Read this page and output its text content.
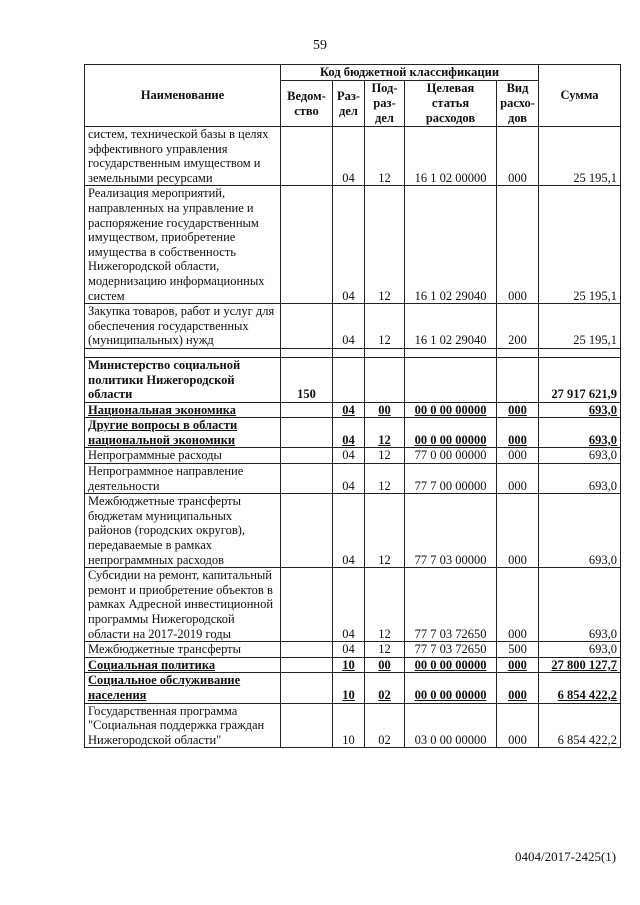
59
Наименование	Код бюджетной классификации					Сумма
	Ведом-ство	Раз-дел	Под-раз-дел	Целевая статья расходов	Вид расхо-дов	
систем, технической базы в целях эффективного управления государственным имуществом и земельными ресурсами		04	12	16 1 02 00000	000	25 195,1
Реализация мероприятий, направленных на управление и распоряжение государственным имуществом, приобретение имущества в собственность Нижегородской области, модернизацию информационных систем		04	12	16 1 02 29040	000	25 195,1
Закупка товаров, работ и услуг для обеспечения государственных (муниципальных) нужд		04	12	16 1 02 29040	200	25 195,1

Министерство социальной политики Нижегородской области	150					27 917 621,9
Национальная экономика		04	00	00 0 00 00000	000	693,0
Другие вопросы в области национальной экономики		04	12	00 0 00 00000	000	693,0
Непрограммные расходы		04	12	77 0 00 00000	000	693,0
Непрограммное направление деятельности		04	12	77 7 00 00000	000	693,0
Межбюджетные трансферты бюджетам муниципальных районов (городских округов), передаваемые в рамках непрограммных расходов		04	12	77 7 03 00000	000	693,0
Субсидии на ремонт, капитальный ремонт и приобретение объектов в рамках Адресной инвестиционной программы Нижегородской области на 2017-2019 годы		04	12	77 7 03 72650	000	693,0
Межбюджетные трансферты		04	12	77 7 03 72650	500	693,0
Социальная политика		10	00	00 0 00 00000	000	27 800 127,7
Социальное обслуживание населения		10	02	00 0 00 00000	000	6 854 422,2
Государственная программа "Социальная поддержка граждан Нижегородской области"		10	02	03 0 00 00000	000	6 854 422,2
0404/2017-2425(1)
